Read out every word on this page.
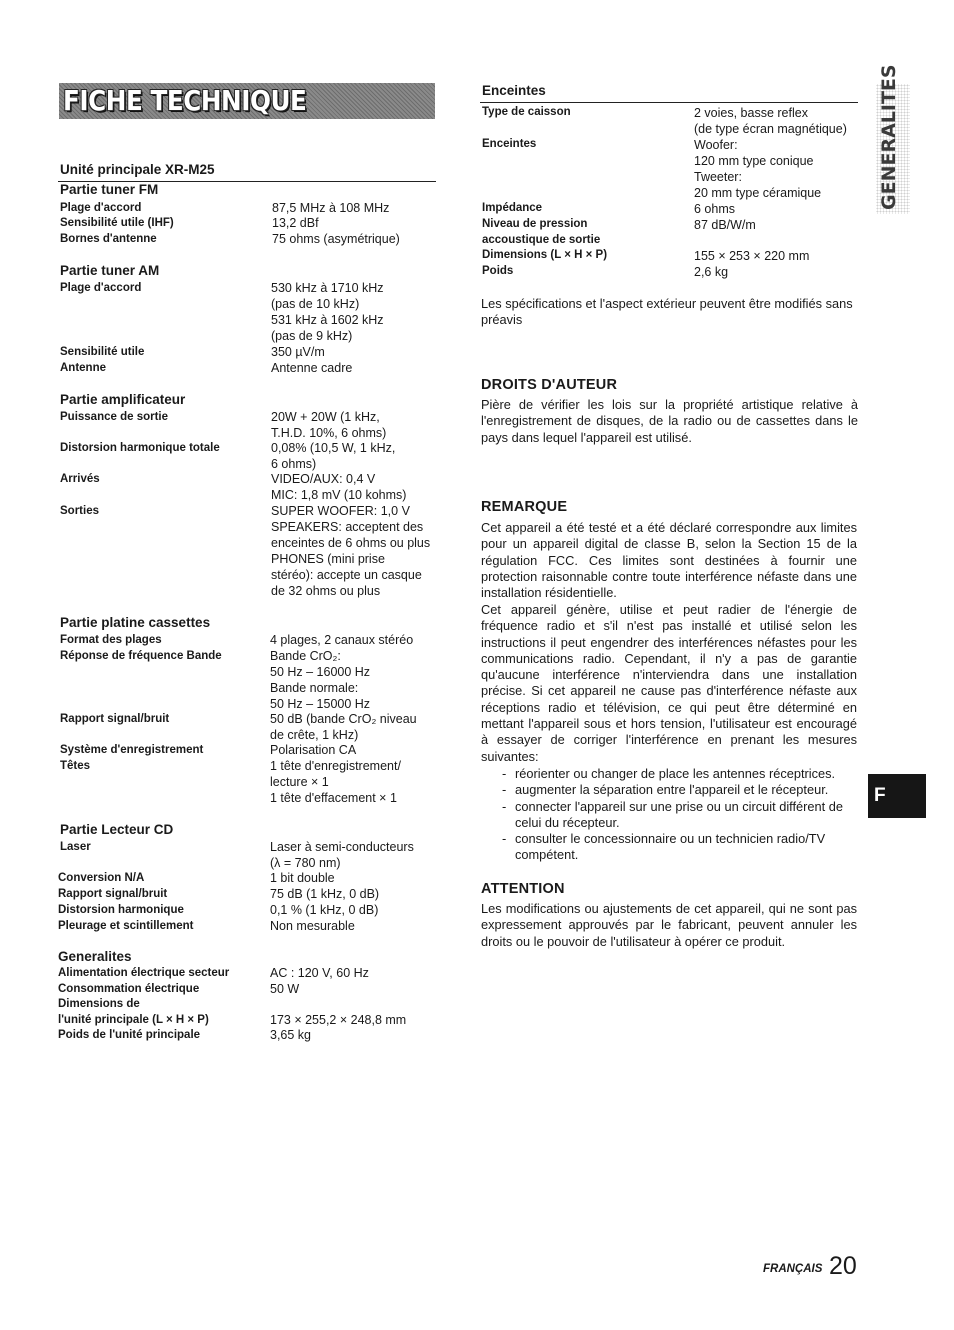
FICHE TECHNIQUE	GENERALITES
F
Unité principale XR-M25
Partie tuner FM
Plage d'accord	87,5 MHz à 108 MHz
Sensibilité utile (IHF)	13,2 dBf
Bornes d'antenne	75 ohms (asymétrique)
Partie tuner AM
Plage d'accord	530 kHz à 1710 kHz
(pas de 10 kHz)
531 kHz à 1602 kHz
(pas de 9 kHz)
Sensibilité utile	350 µV/m
Antenne	Antenne cadre
Partie amplificateur
Puissance de sortie	20W + 20W (1 kHz,
T.H.D. 10%, 6 ohms)
Distorsion harmonique totale	0,08% (10,5 W, 1 kHz,
6 ohms)
Arrivés	VIDEO/AUX: 0,4 V
MIC: 1,8 mV (10 kohms)
Sorties	SUPER WOOFER: 1,0 V
SPEAKERS: acceptent des
enceintes de 6 ohms ou plus
PHONES (mini prise
stéréo): accepte un casque
de 32 ohms ou plus
Partie platine cassettes
Format des plages	4 plages, 2 canaux stéréo
Réponse de fréquence Bande	Bande CrO₂:
50 Hz – 16000 Hz
Bande normale:
50 Hz – 15000 Hz
Rapport signal/bruit	50 dB (bande CrO₂ niveau
de crête, 1 kHz)
Système d'enregistrement	Polarisation CA
Têtes	1 tête d'enregistrement/
lecture × 1
1 tête d'effacement × 1
Partie Lecteur CD
Laser	Laser à semi-conducteurs
(λ = 780 nm)
Conversion N/A	1 bit double
Rapport signal/bruit	75 dB (1 kHz, 0 dB)
Distorsion harmonique	0,1 % (1 kHz, 0 dB)
Pleurage et scintillement	Non mesurable
Generalites
Alimentation électrique secteur	AC : 120 V, 60 Hz
Consommation électrique	50 W
Dimensions de
l'unité principale (L × H × P)	173 × 255,2 × 248,8 mm
Poids de l'unité principale	3,65 kg
Enceintes
Type de caisson	2 voies, basse reflex
(de type écran magnétique)
Enceintes	Woofer:
120 mm type conique
Tweeter:
20 mm type céramique
Impédance	6 ohms
Niveau de pression
accoustique de sortie
87 dB/W/m
Dimensions (L × H × P)	155 × 253 × 220 mm
Poids	2,6 kg
Les spécifications et l'aspect extérieur peuvent être modifiés sans préavis
DROITS D'AUTEUR
Pière de vérifier les lois sur la propriété artistique relative à l'enregistrement de disques, de la radio ou de cassettes dans le pays dans lequel l'appareil est utilisé.
REMARQUE
Cet appareil a été testé et a été déclaré correspondre aux limites pour un appareil digital de classe B, selon la Section 15 de la régulation FCC. Ces limites sont destinées à fournir une protection raisonnable contre toute interférence néfaste dans une installation résidentielle.
Cet appareil génère, utilise et peut radier de l'énergie de fréquence radio et s'il n'est pas installé et utilisé selon les instructions il peut engendrer des interférences néfastes pour les communications radio. Cependant, il n'y a pas de garantie qu'aucune interférence n'interviendra dans une installation précise. Si cet appareil ne cause pas d'interférence néfaste aux réceptions radio et télévision, ce qui peut être déterminé en mettant l'appareil sous et hors tension, l'utilisateur est encouragé à essayer de corriger l'interférence en prenant les mesures suivantes:
- réorienter ou changer de place les antennes réceptrices.
- augmenter la séparation entre l'appareil et le récepteur.
- connecter l'appareil sur une prise ou un circuit différent de celui du récepteur.
- consulter le concessionnaire ou un technicien radio/TV compétent.
ATTENTION
Les modifications ou ajustements de cet appareil, qui ne sont pas expressement approuvés par le fabricant, peuvent annuler les droits ou le pouvoir de l'utilisateur à opérer ce produit.
FRANÇAIS 20
